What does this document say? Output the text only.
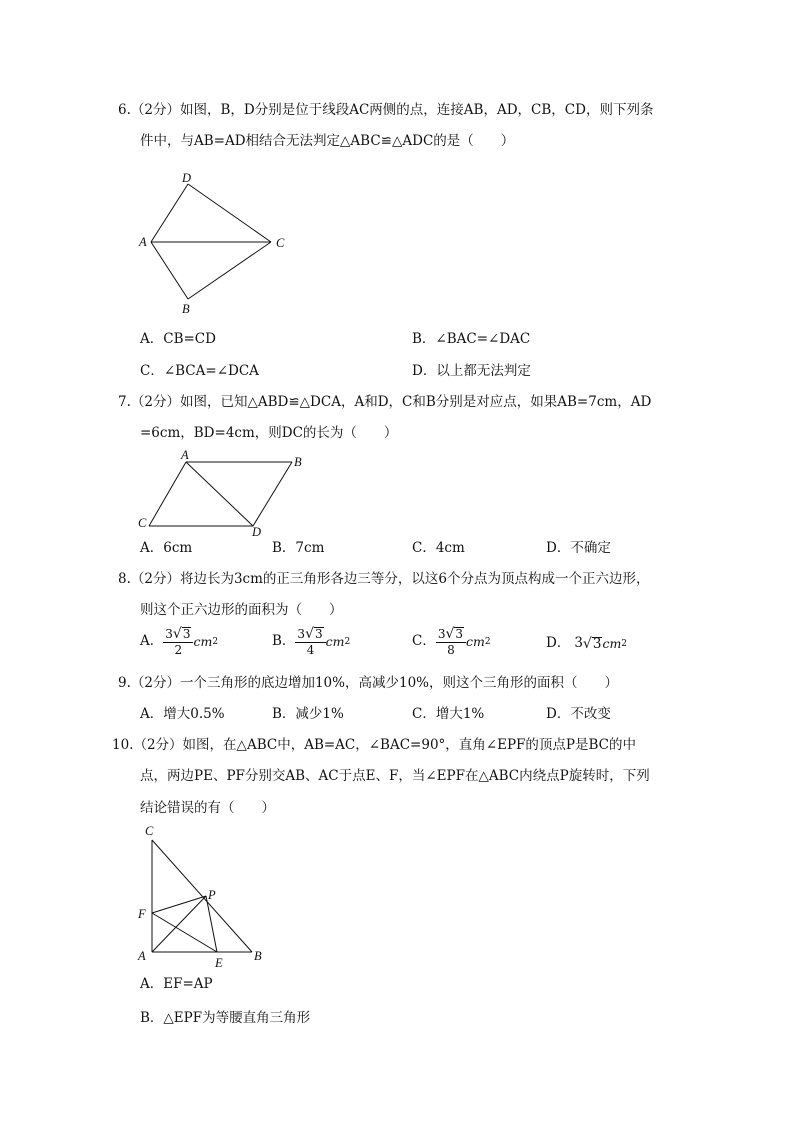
6.（2分）如图，B，D分别是位于线段AC两侧的点，连接AB，AD，CB，CD，则下列条
件中，与AB=AD相结合无法判定△ABC≌△ADC的是（　　）
D
A	C
B
A．CB=CD	B．∠BAC=∠DAC
C．∠BCA=∠DCA	D．以上都无法判定
7.（2分）如图，已知△ABD≌△DCA，A和D，C和B分别是对应点，如果AB=7cm，AD
=6cm，BD=4cm，则DC的长为（　　）
A	B
C
D
A．6cm	B．7cm	C．4cm	D．不确定
8.（2分）将边长为3cm的正三角形各边三等分，以这6个分点为顶点构成一个正六边形，
则这个正六边形的面积为（　　）
A． $\frac{3√3}{2}$ cm 2	B． $\frac{3√3}{4}$ cm 2	C． $\frac{3√3}{8}$ cm 2	D． 3 √ 3 cm 2
9.（2分）一个三角形的底边增加10%，高减少10%，则这个三角形的面积（　　）
A．增大0.5%	B．减少1%	C．增大1%	D．不改变
10.（2分）如图，在△ABC中，AB=AC，∠BAC=90°，直角∠EPF的顶点P是BC的中
点，两边PE、PF分别交AB、AC于点E、F，当∠EPF在△ABC内绕点P旋转时，下列
结论错误的有（　　）
C
P
F
A	E	B
A．EF=AP
B．△EPF为等腰直角三角形
